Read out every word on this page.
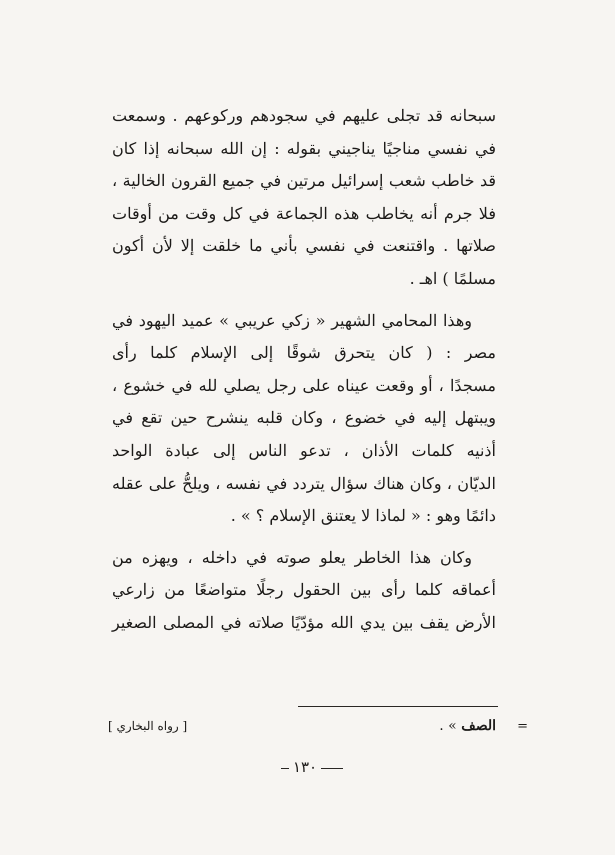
سبحانه قد تجلى عليهم في سجودهم وركوعهم . وسمعت
في نفسي مناجيًا يناجيني بقوله : إن الله سبحانه إذا كان
قد خاطب شعب إسرائيل مرتين في جميع القرون الخالية ،
فلا جرم أنه يخاطب هذه الجماعة في كل وقت من أوقات
صلاتها . واقتنعت في نفسي بأني ما خلقت إلا لأن أكون
مسلمًا ) اهـ .
وهذا المحامي الشهير « زكي عريبي » عميد اليهود في
مصر : ( كان يتحرق شوقًا إلى الإسلام كلما رأى
مسجدًا ، أو وقعت عيناه على رجل يصلي لله في خشوع ،
ويبتهل إليه في خضوع ، وكان قلبه ينشرح حين تقع في
أذنيه كلمات الأذان ، تدعو الناس إلى عبادة الواحد
الديّان ، وكان هناك سؤال يتردد في نفسه ، ويلحُّ على عقله
دائمًا وهو : « لماذا لا يعتنق الإسلام ؟ » .
وكان هذا الخاطر يعلو صوته في داخله ، ويهزه من
أعماقه كلما رأى بين الحقول رجلًا متواضعًا من زارعي
الأرض يقف بين يدي الله مؤدّيًا صلاته في المصلى الصغير
=
الصف » .
[ رواه البخاري ]
١٣٠
